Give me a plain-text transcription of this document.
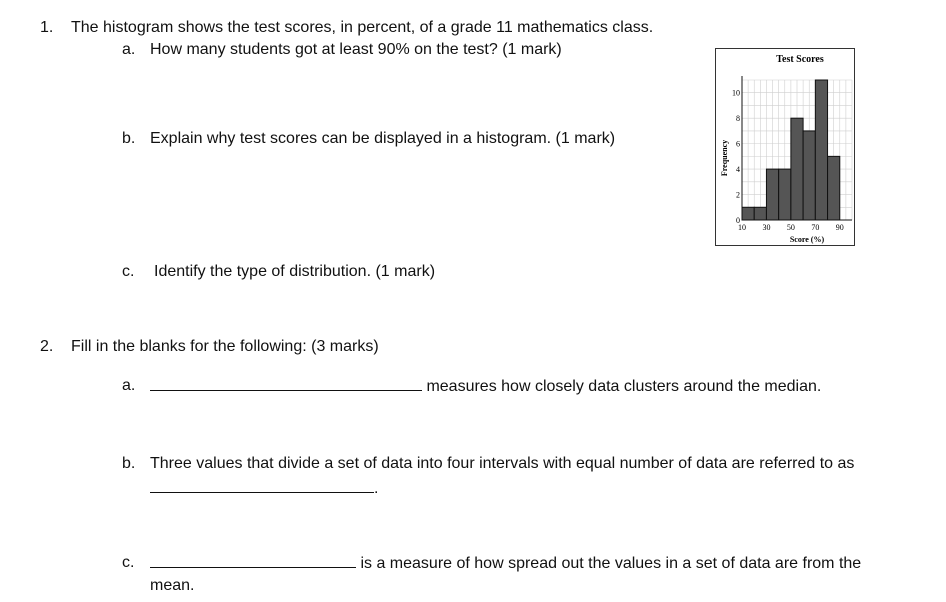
1. The histogram shows the test scores, in percent, of a grade 11 mathematics class.
a. How many students got at least 90% on the test? (1 mark)
b. Explain why test scores can be displayed in a histogram. (1 mark)
c. Identify the type of distribution. (1 mark)
Test Scores
Frequency
Score (%)
0
2
4
6
8
10
10 30 50 70 90
2. Fill in the blanks for the following: (3 marks)
a.	measures how closely data clusters around the median.
b. Three values that divide a set of data into four intervals with equal number of data are referred to as
.
c.	is a measure of how spread out the values in a set of data are from the
mean.
